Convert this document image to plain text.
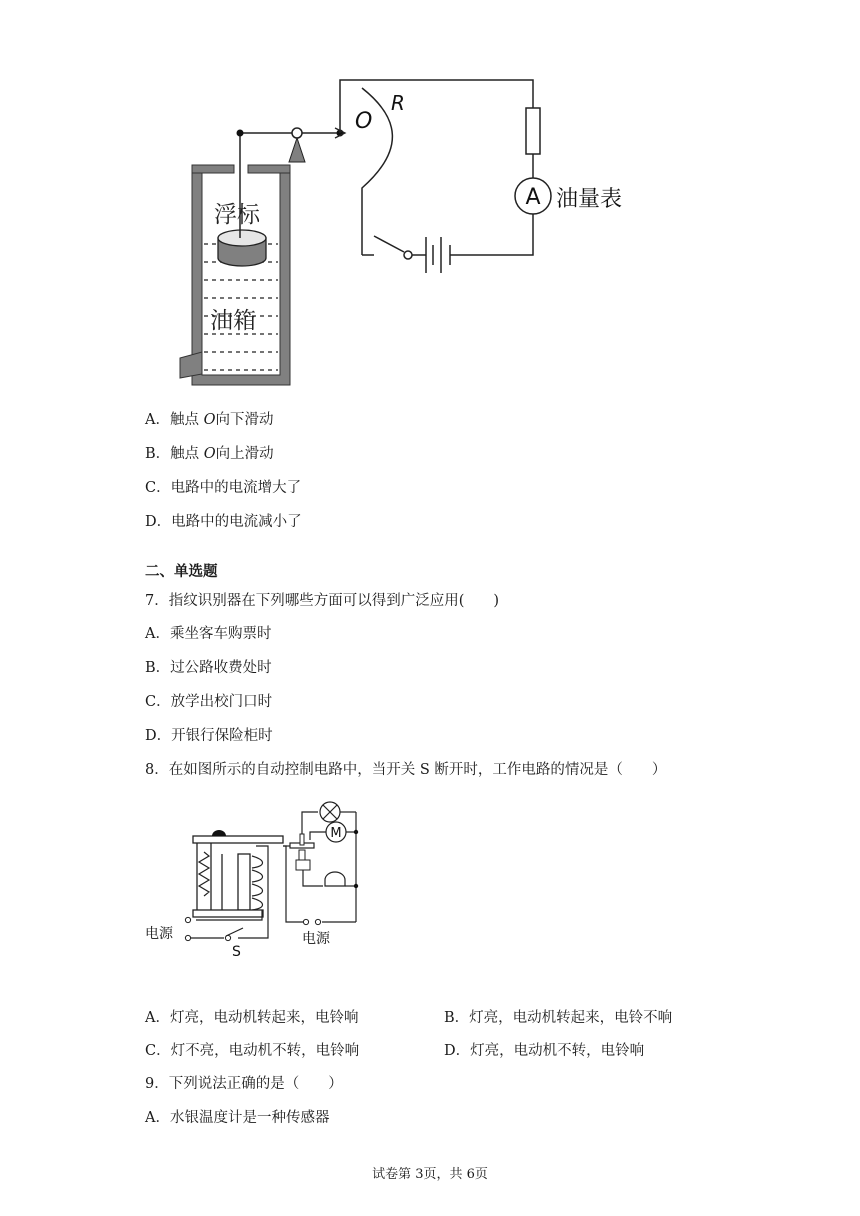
A 油量表
O
R
浮标
油箱
A．触点 O向下滑动
B．触点 O向上滑动
C．电路中的电流增大了
D．电路中的电流减小了
二、单选题
7．指纹识别器在下列哪些方面可以得到广泛应用(　　)
A．乘坐客车购票时
B．过公路收费处时
C．放学出校门口时
D．开银行保险柜时
8．在如图所示的自动控制电路中，当开关 S 断开时，工作电路的情况是（　　）
M
电源
S
电源
A．灯亮，电动机转起来，电铃响	B．灯亮，电动机转起来，电铃不响
C．灯不亮，电动机不转，电铃响	D．灯亮，电动机不转，电铃响
9．下列说法正确的是（　　）
A．水银温度计是一种传感器
试卷第 3页，共 6页
